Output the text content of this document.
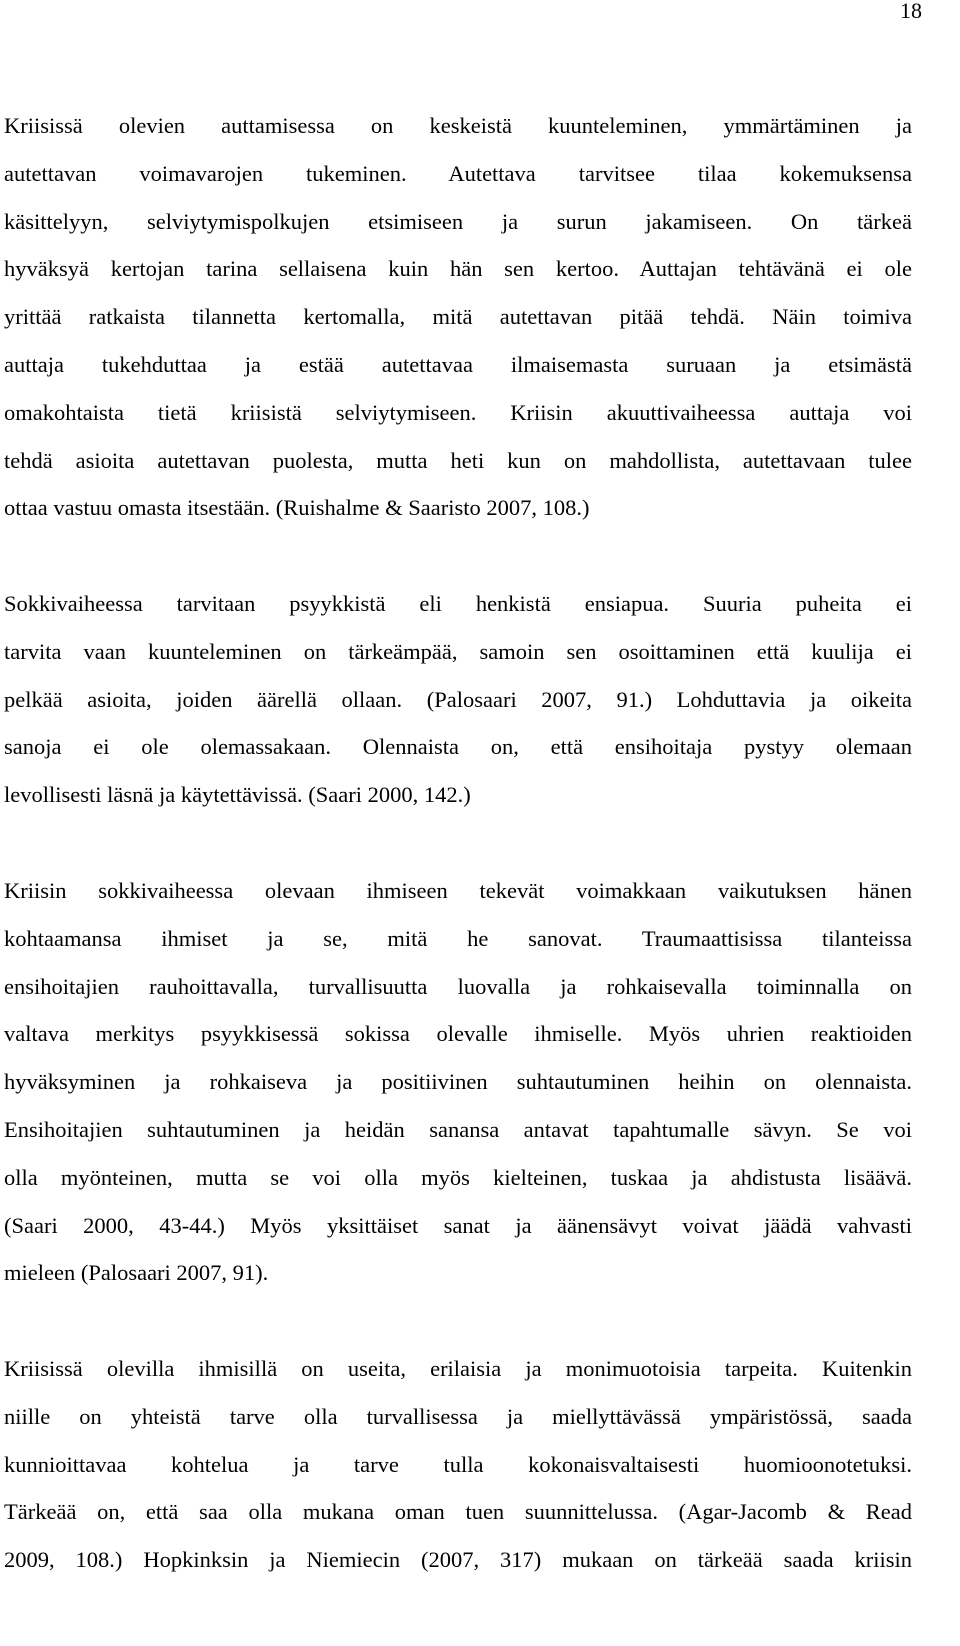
18
Kriisissä olevien auttamisessa on keskeistä kuunteleminen, ymmärtäminen ja
autettavan voimavarojen tukeminen. Autettava tarvitsee tilaa kokemuksensa
käsittelyyn, selviytymispolkujen etsimiseen ja surun jakamiseen. On tärkeä
hyväksyä kertojan tarina sellaisena kuin hän sen kertoo. Auttajan tehtävänä ei ole
yrittää ratkaista tilannetta kertomalla, mitä autettavan pitää tehdä. Näin toimiva
auttaja tukehduttaa ja estää autettavaa ilmaisemasta suruaan ja etsimästä
omakohtaista tietä kriisistä selviytymiseen. Kriisin akuuttivaiheessa auttaja voi
tehdä asioita autettavan puolesta, mutta heti kun on mahdollista, autettavaan tulee
ottaa vastuu omasta itsestään. (Ruishalme & Saaristo 2007, 108.)
Sokkivaiheessa tarvitaan psyykkistä eli henkistä ensiapua. Suuria puheita ei
tarvita vaan kuunteleminen on tärkeämpää, samoin sen osoittaminen että kuulija ei
pelkää asioita, joiden äärellä ollaan. (Palosaari 2007, 91.) Lohduttavia ja oikeita
sanoja ei ole olemassakaan. Olennaista on, että ensihoitaja pystyy olemaan
levollisesti läsnä ja käytettävissä. (Saari 2000, 142.)
Kriisin sokkivaiheessa olevaan ihmiseen tekevät voimakkaan vaikutuksen hänen
kohtaamansa ihmiset ja se, mitä he sanovat. Traumaattisissa tilanteissa
ensihoitajien rauhoittavalla, turvallisuutta luovalla ja rohkaisevalla toiminnalla on
valtava merkitys psyykkisessä sokissa olevalle ihmiselle. Myös uhrien reaktioiden
hyväksyminen ja rohkaiseva ja positiivinen suhtautuminen heihin on olennaista.
Ensihoitajien suhtautuminen ja heidän sanansa antavat tapahtumalle sävyn. Se voi
olla myönteinen, mutta se voi olla myös kielteinen, tuskaa ja ahdistusta lisäävä.
(Saari 2000, 43-44.) Myös yksittäiset sanat ja äänensävyt voivat jäädä vahvasti
mieleen (Palosaari 2007, 91).
Kriisissä olevilla ihmisillä on useita, erilaisia ja monimuotoisia tarpeita. Kuitenkin
niille on yhteistä tarve olla turvallisessa ja miellyttävässä ympäristössä, saada
kunnioittavaa kohtelua ja tarve tulla kokonaisvaltaisesti huomioonotetuksi.
Tärkeää on, että saa olla mukana oman tuen suunnittelussa. (Agar-Jacomb & Read
2009, 108.) Hopkinksin ja Niemiecin (2007, 317) mukaan on tärkeää saada kriisin
